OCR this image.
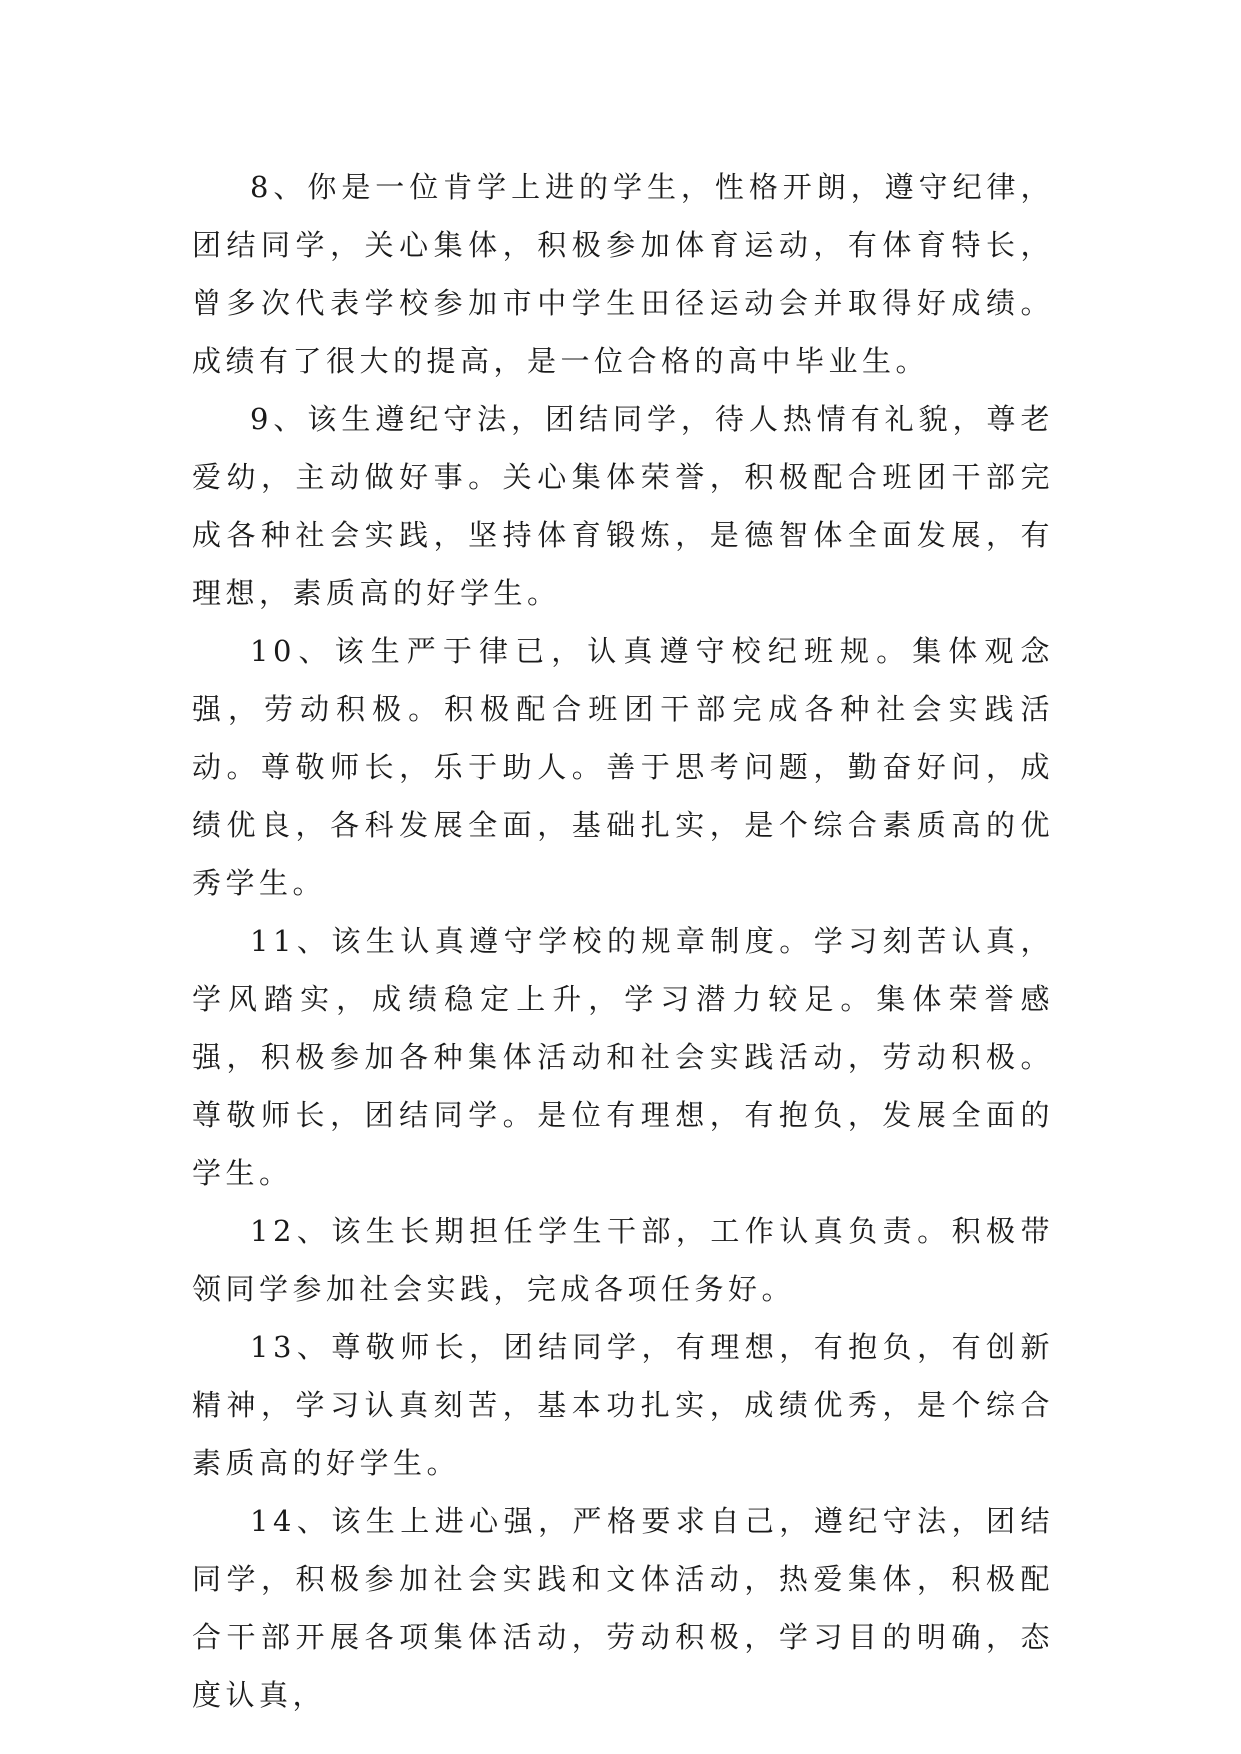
8、你是一位肯学上进的学生，性格开朗，遵守纪律，团结同学，关心集体，积极参加体育运动，有体育特长，曾多次代表学校参加市中学生田径运动会并取得好成绩。成绩有了很大的提高，是一位合格的高中毕业生。

9、该生遵纪守法，团结同学，待人热情有礼貌，尊老爱幼，主动做好事。关心集体荣誉，积极配合班团干部完成各种社会实践，坚持体育锻炼，是德智体全面发展，有理想，素质高的好学生。

10、该生严于律已，认真遵守校纪班规。集体观念强，劳动积极。积极配合班团干部完成各种社会实践活动。尊敬师长，乐于助人。善于思考问题，勤奋好问，成绩优良，各科发展全面，基础扎实，是个综合素质高的优秀学生。

11、该生认真遵守学校的规章制度。学习刻苦认真，学风踏实，成绩稳定上升，学习潜力较足。集体荣誉感强，积极参加各种集体活动和社会实践活动，劳动积极。尊敬师长，团结同学。是位有理想，有抱负，发展全面的学生。

12、该生长期担任学生干部，工作认真负责。积极带领同学参加社会实践，完成各项任务好。

13、尊敬师长，团结同学，有理想，有抱负，有创新精神，学习认真刻苦，基本功扎实，成绩优秀，是个综合素质高的好学生。

14、该生上进心强，严格要求自己，遵纪守法，团结同学，积极参加社会实践和文体活动，热爱集体，积极配合干部开展各项集体活动，劳动积极，学习目的明确，态度认真，
